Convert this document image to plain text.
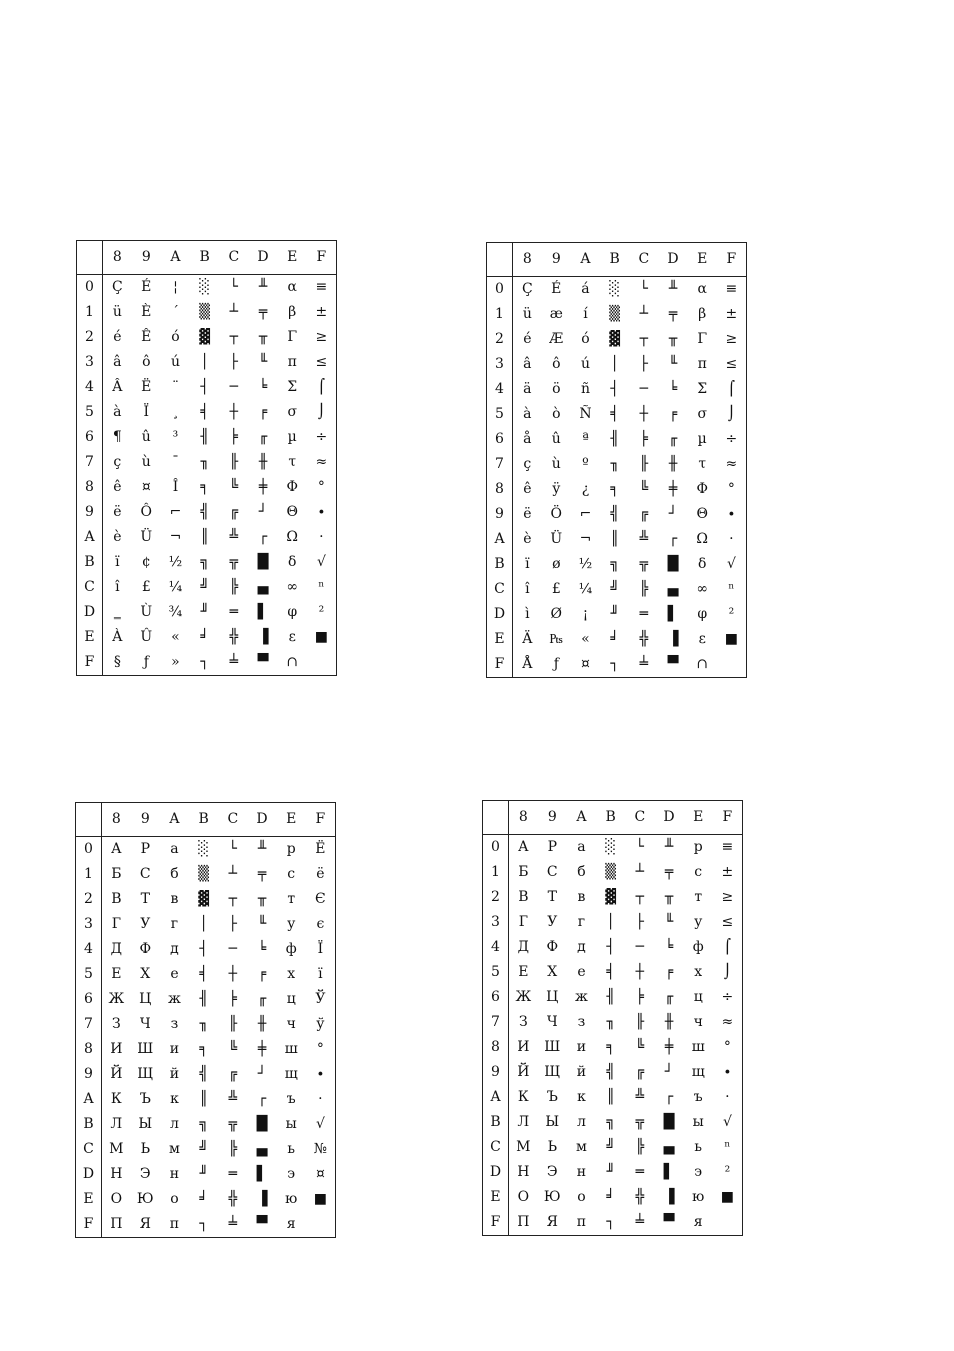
	8	9	A	B	C	D	E	F
0	Ç	É	¦	░	└	╨	α	≡
1	ü	È	´	▒	┴	╤	β	±
2	é	Ê	ó	▓	┬	╥	Γ	≥
3	â	ô	ú	│	├	╙	π	≤
4	Â	Ë	¨	┤	─	╘	Σ	⌠
5	à	Ï	¸	╡	┼	╒	σ	⌡
6	¶	û	³	╢	╞	╓	µ	÷
7	ç	ù	¯	╖	╟	╫	τ	≈
8	ê	¤	Î	╕	╚	╪	Φ	°
9	ë	Ô	⌐	╣	╔	┘	Θ	∙
A	è	Ü	¬	║	╩	┌	Ω	·
B	ï	¢	½	╗	╦	█	δ	√
C	î	£	¼	╝	╠	▄	∞	ⁿ
D	‗	Ù	¾	╜	═	▌	φ	²
E	À	Û	«	╛	╬	▐	ε	■
F	§	ƒ	»	┐	╧	▀	∩	
	8	9	A	B	C	D	E	F
0	Ç	É	á	░	└	╨	α	≡
1	ü	æ	í	▒	┴	╤	β	±
2	é	Æ	ó	▓	┬	╥	Γ	≥
3	â	ô	ú	│	├	╙	π	≤
4	ä	ö	ñ	┤	─	╘	Σ	⌠
5	à	ò	Ñ	╡	┼	╒	σ	⌡
6	å	û	ª	╢	╞	╓	µ	÷
7	ç	ù	º	╖	╟	╫	τ	≈
8	ê	ÿ	¿	╕	╚	╪	Φ	°
9	ë	Ö	⌐	╣	╔	┘	Θ	∙
A	è	Ü	¬	║	╩	┌	Ω	·
B	ï	ø	½	╗	╦	█	δ	√
C	î	£	¼	╝	╠	▄	∞	ⁿ
D	ì	Ø	¡	╜	═	▌	φ	²
E	Ä	₧	«	╛	╬	▐	ε	■
F	Å	ƒ	¤	┐	╧	▀	∩	
	8	9	A	B	C	D	E	F
0	А	Р	а	░	└	╨	р	Ё
1	Б	С	б	▒	┴	╤	с	ё
2	В	Т	в	▓	┬	╥	т	Є
3	Г	У	г	│	├	╙	у	є
4	Д	Ф	д	┤	─	╘	ф	Ї
5	Е	Х	е	╡	┼	╒	х	ї
6	Ж	Ц	ж	╢	╞	╓	ц	Ў
7	З	Ч	з	╖	╟	╫	ч	ў
8	И	Ш	и	╕	╚	╪	ш	°
9	Й	Щ	й	╣	╔	┘	щ	∙
A	К	Ъ	к	║	╩	┌	ъ	·
B	Л	Ы	л	╗	╦	█	ы	√
C	М	Ь	м	╝	╠	▄	ь	№
D	Н	Э	н	╜	═	▌	э	¤
E	О	Ю	о	╛	╬	▐	ю	■
F	П	Я	п	┐	╧	▀	я	
	8	9	A	B	C	D	E	F
0	А	Р	а	░	└	╨	р	≡
1	Б	С	б	▒	┴	╤	с	±
2	В	Т	в	▓	┬	╥	т	≥
3	Г	У	г	│	├	╙	у	≤
4	Д	Ф	д	┤	─	╘	ф	⌠
5	Е	Х	е	╡	┼	╒	х	⌡
6	Ж	Ц	ж	╢	╞	╓	ц	÷
7	З	Ч	з	╖	╟	╫	ч	≈
8	И	Ш	и	╕	╚	╪	ш	°
9	Й	Щ	й	╣	╔	┘	щ	∙
A	К	Ъ	к	║	╩	┌	ъ	·
B	Л	Ы	л	╗	╦	█	ы	√
C	М	Ь	м	╝	╠	▄	ь	ⁿ
D	Н	Э	н	╜	═	▌	э	²
E	О	Ю	о	╛	╬	▐	ю	■
F	П	Я	п	┐	╧	▀	я	
